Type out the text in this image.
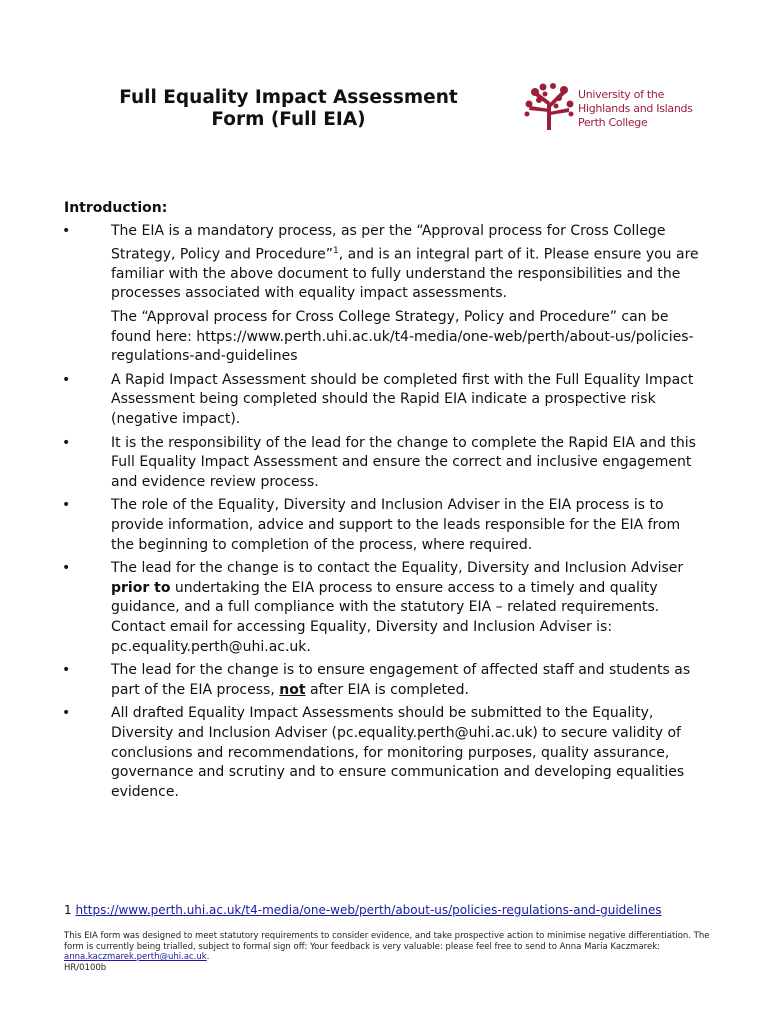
Full Equality Impact Assessment
Form (Full EIA)
University of the
Highlands and Islands
Perth College
Introduction:
•	The EIA is a mandatory process, as per the “Approval process for Cross College Strategy, Policy and Procedure”$^1$, and is an integral part of it. Please ensure you are familiar with the above document to fully understand the responsibilities and the processes associated with equality impact assessments.

The “Approval process for Cross College Strategy, Policy and Procedure” can be found here: https://www.perth.uhi.ac.uk/t4-media/one-web/perth/about-us/policies-regulations-and-guidelines

•	A Rapid Impact Assessment should be completed first with the Full Equality Impact Assessment being completed should the Rapid EIA indicate a prospective risk (negative impact).

•	It is the responsibility of the lead for the change to complete the Rapid EIA and this Full Equality Impact Assessment and ensure the correct and inclusive engagement and evidence review process.

•	The role of the Equality, Diversity and Inclusion Adviser in the EIA process is to provide information, advice and support to the leads responsible for the EIA from the beginning to completion of the process, where required.

•	The lead for the change is to contact the Equality, Diversity and Inclusion Adviser prior to undertaking the EIA process to ensure access to a timely and quality guidance, and a full compliance with the statutory EIA – related requirements. Contact email for accessing Equality, Diversity and Inclusion Adviser is: pc.equality.perth@uhi.ac.uk.

•	The lead for the change is to ensure engagement of affected staff and students as part of the EIA process, not after EIA is completed.

•	All drafted Equality Impact Assessments should be submitted to the Equality, Diversity and Inclusion Adviser (pc.equality.perth@uhi.ac.uk) to secure validity of conclusions and recommendations, for monitoring purposes, quality assurance, governance and scrutiny and to ensure communication and developing equalities evidence.

1 https://www.perth.uhi.ac.uk/t4-media/one-web/perth/about-us/policies-regulations-and-guidelines
This EIA form was designed to meet statutory requirements to consider evidence, and take prospective action to minimise negative differentiation. The form is currently being trialled, subject to formal sign off: Your feedback is very valuable: please feel free to send to Anna Maria Kaczmarek: anna.kaczmarek.perth@uhi.ac.uk.
HR/0100b
